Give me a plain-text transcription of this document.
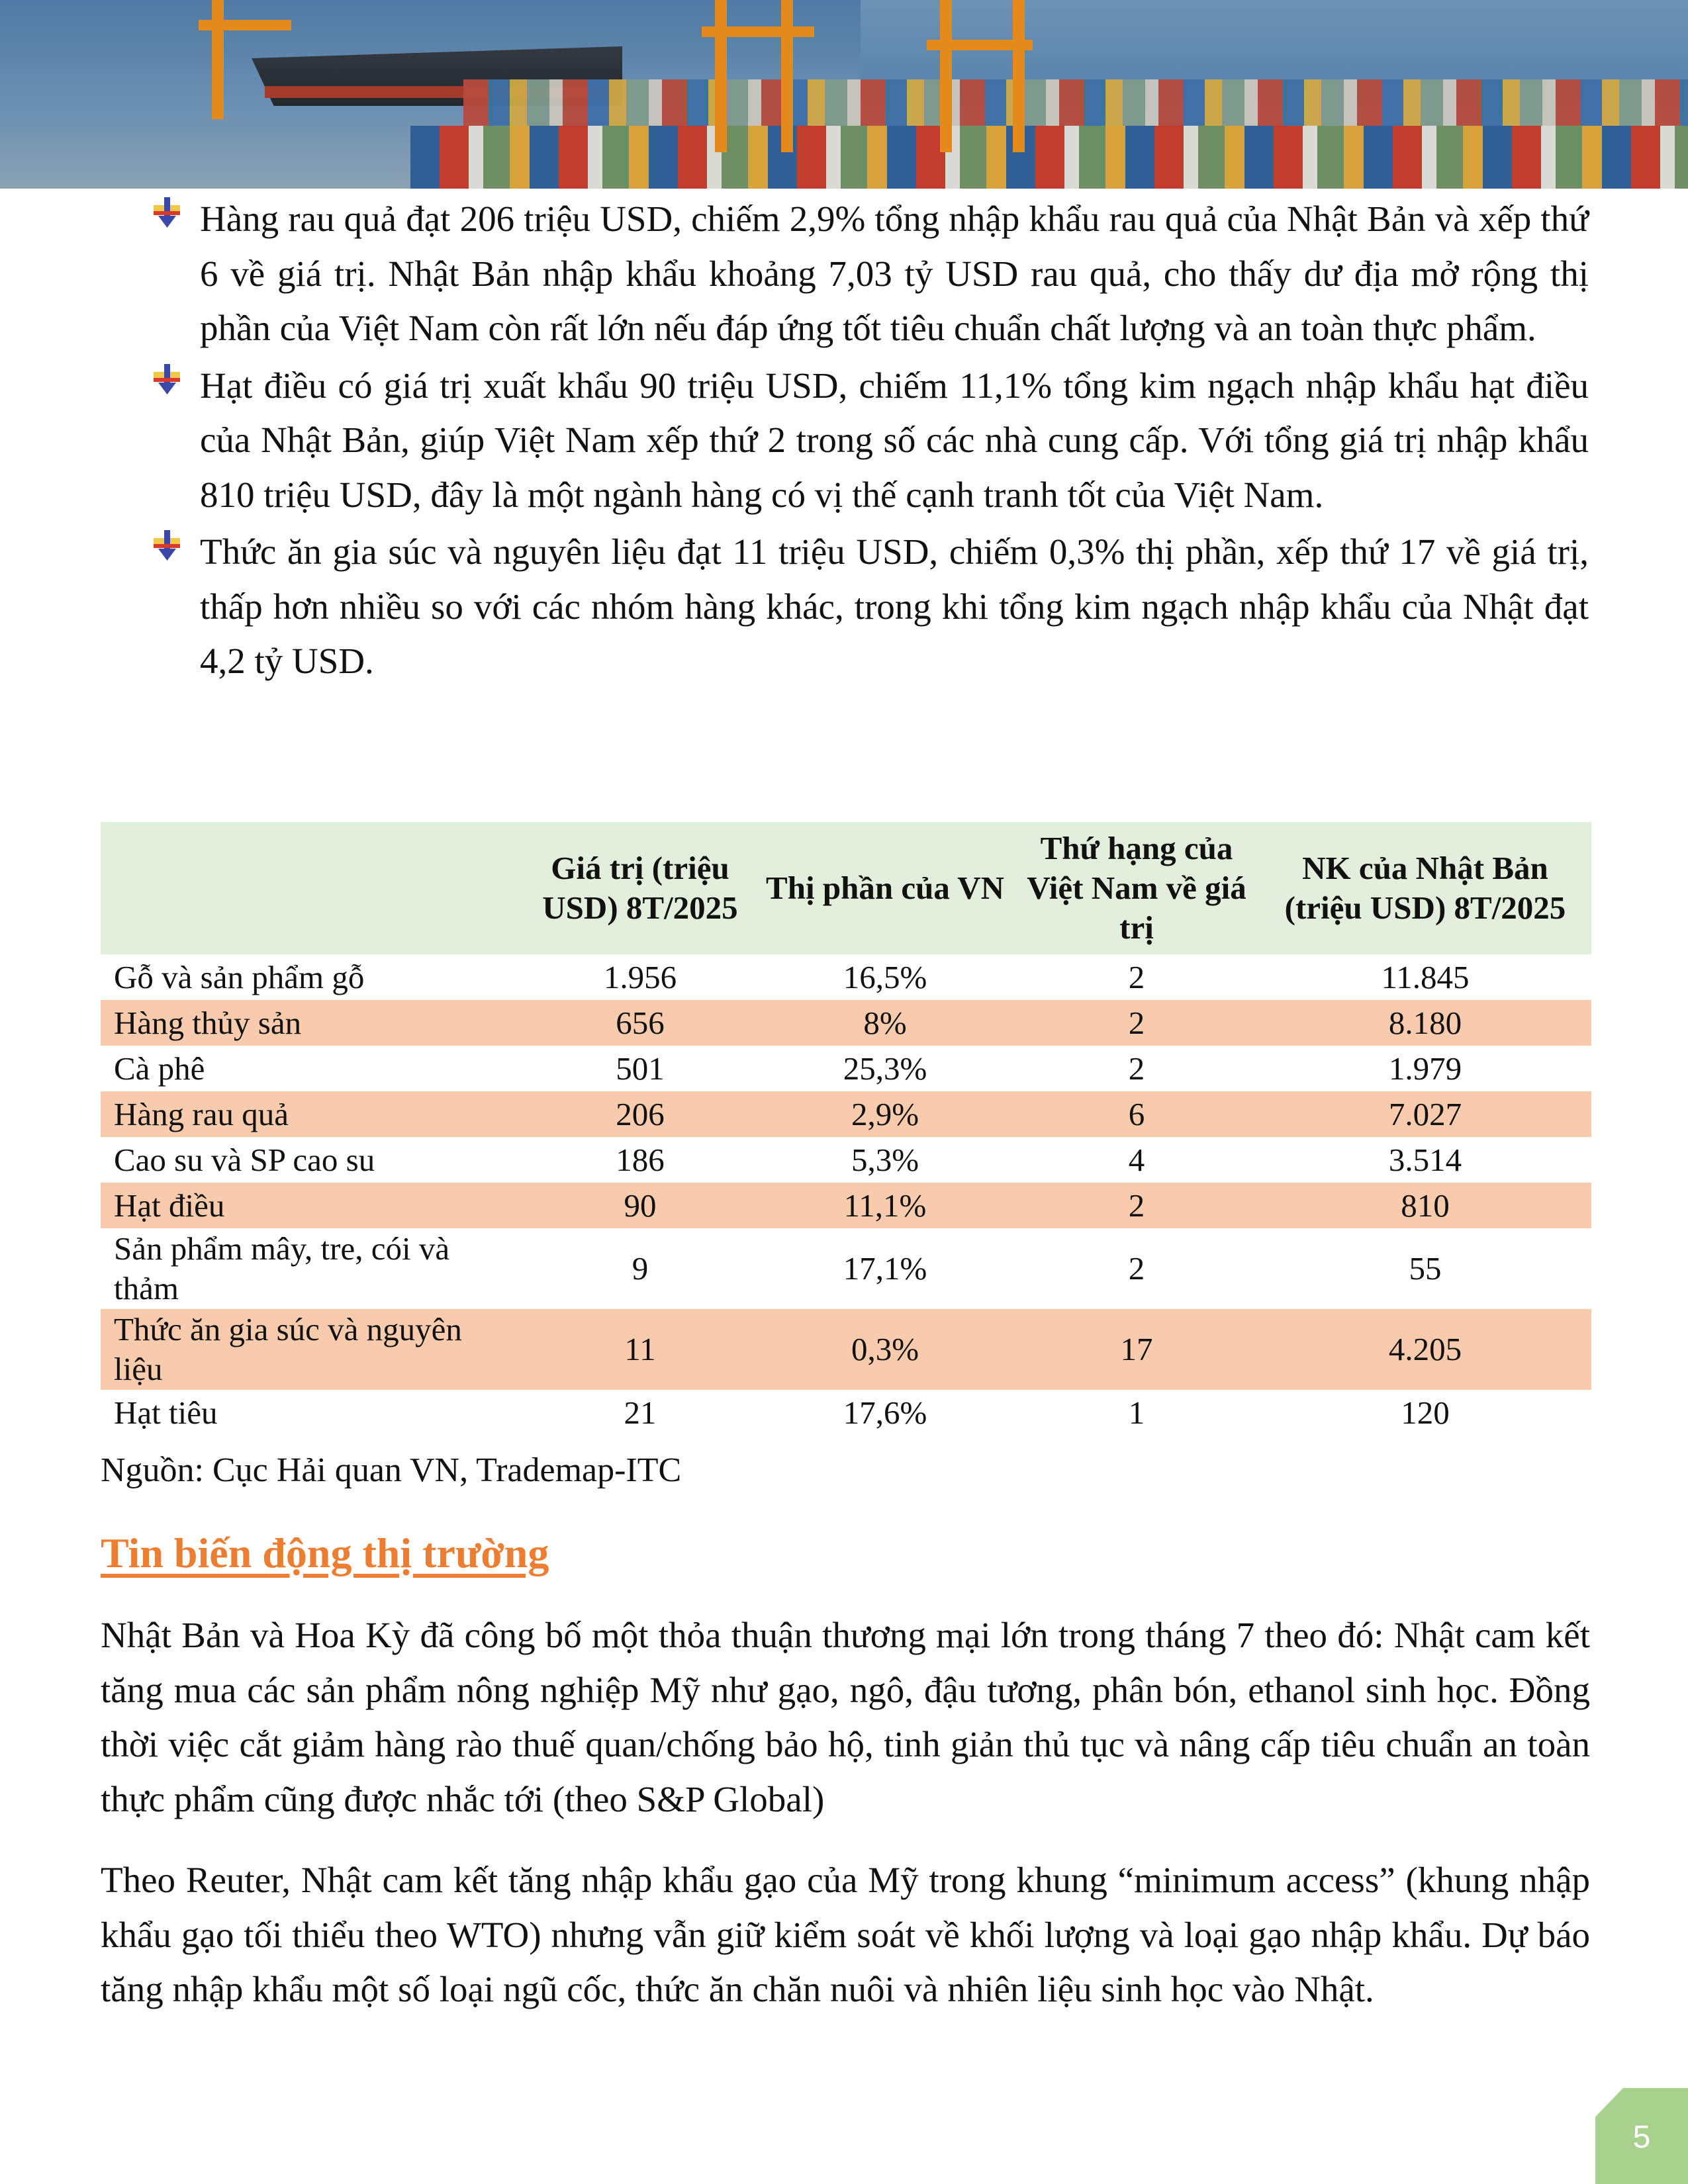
Hàng rau quả đạt 206 triệu USD, chiếm 2,9% tổng nhập khẩu rau quả của Nhật Bản và xếp thứ 6 về giá trị. Nhật Bản nhập khẩu khoảng 7,03 tỷ USD rau quả, cho thấy dư địa mở rộng thị phần của Việt Nam còn rất lớn nếu đáp ứng tốt tiêu chuẩn chất lượng và an toàn thực phẩm.
Hạt điều có giá trị xuất khẩu 90 triệu USD, chiếm 11,1% tổng kim ngạch nhập khẩu hạt điều của Nhật Bản, giúp Việt Nam xếp thứ 2 trong số các nhà cung cấp. Với tổng giá trị nhập khẩu 810 triệu USD, đây là một ngành hàng có vị thế cạnh tranh tốt của Việt Nam.
Thức ăn gia súc và nguyên liệu đạt 11 triệu USD, chiếm 0,3% thị phần, xếp thứ 17 về giá trị, thấp hơn nhiều so với các nhóm hàng khác, trong khi tổng kim ngạch nhập khẩu của Nhật đạt 4,2 tỷ USD.
	Giá trị (triệu USD) 8T/2025	Thị phần của VN	Thứ hạng của Việt Nam về giá trị	NK của Nhật Bản (triệu USD) 8T/2025
Gỗ và sản phẩm gỗ	1.956	16,5%	2	11.845
Hàng thủy sản	656	8%	2	8.180
Cà phê	501	25,3%	2	1.979
Hàng rau quả	206	2,9%	6	7.027
Cao su và SP cao su	186	5,3%	4	3.514
Hạt điều	90	11,1%	2	810
Sản phẩm mây, tre, cói và thảm	9	17,1%	2	55
Thức ăn gia súc và nguyên liệu	11	0,3%	17	4.205
Hạt tiêu	21	17,6%	1	120
Nguồn: Cục Hải quan VN, Trademap-ITC
Tin biến động thị trường

Nhật Bản và Hoa Kỳ đã công bố một thỏa thuận thương mại lớn trong tháng 7 theo đó: Nhật cam kết tăng mua các sản phẩm nông nghiệp Mỹ như gạo, ngô, đậu tương, phân bón, ethanol sinh học. Đồng thời việc cắt giảm hàng rào thuế quan/chống bảo hộ, tinh giản thủ tục và nâng cấp tiêu chuẩn an toàn thực phẩm cũng được nhắc tới (theo S&P Global)

Theo Reuter, Nhật cam kết tăng nhập khẩu gạo của Mỹ trong khung “minimum access” (khung nhập khẩu gạo tối thiểu theo WTO) nhưng vẫn giữ kiểm soát về khối lượng và loại gạo nhập khẩu. Dự báo tăng nhập khẩu một số loại ngũ cốc, thức ăn chăn nuôi và nhiên liệu sinh học vào Nhật.

5
